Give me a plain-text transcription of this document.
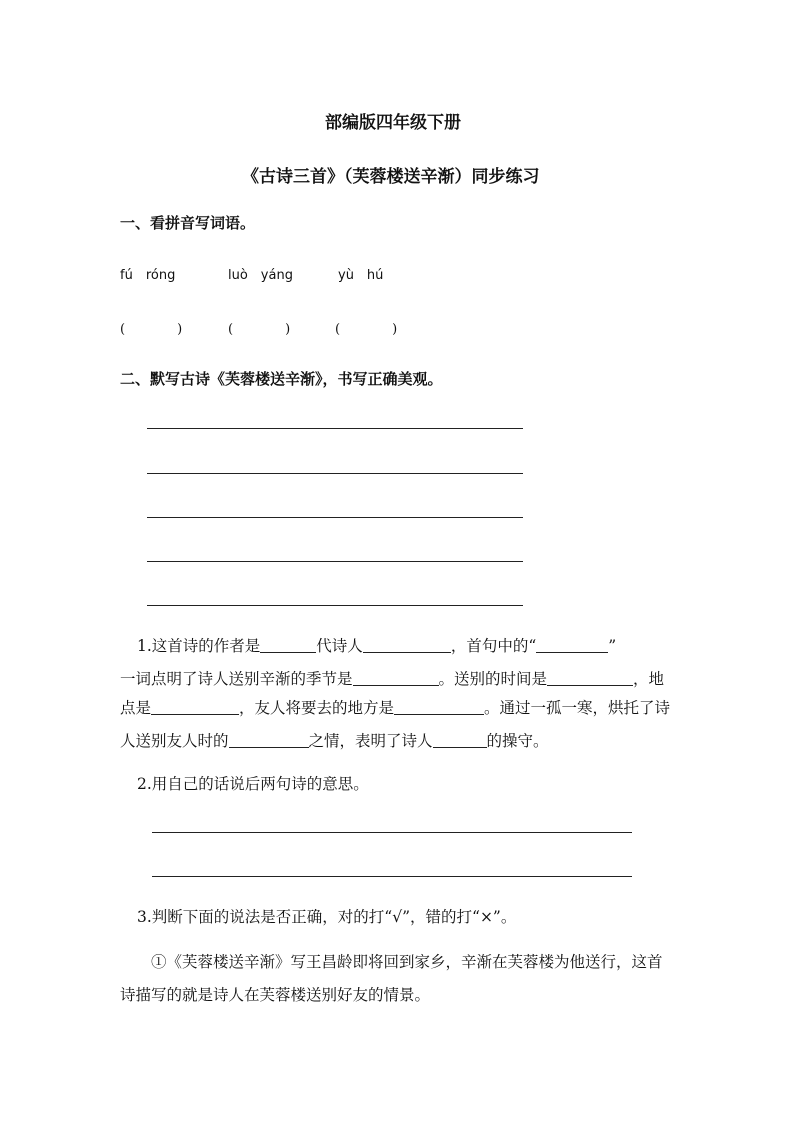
部编版四年级下册
《古诗三首》（芙蓉楼送辛渐）同步练习
一、看拼音写词语。
fú　róng	luò　yáng	yù　hú
(　　　　)	(　　　　)	(　　　　)
二、默写古诗《芙蓉楼送辛渐》，书写正确美观。
1.这首诗的作者是	代诗人	，首句中的“	”
一词点明了诗人送别辛渐的季节是	。送别的时间是	，地
点是	，友人将要去的地方是	。通过一孤一寒，烘托了诗
人送别友人时的	之情，表明了诗人	的操守。
2.用自己的话说后两句诗的意思。
3.判断下面的说法是否正确，对的打“√”，错的打“×”。
①《芙蓉楼送辛渐》写王昌龄即将回到家乡，辛渐在芙蓉楼为他送行，这首
诗描写的就是诗人在芙蓉楼送别好友的情景。
